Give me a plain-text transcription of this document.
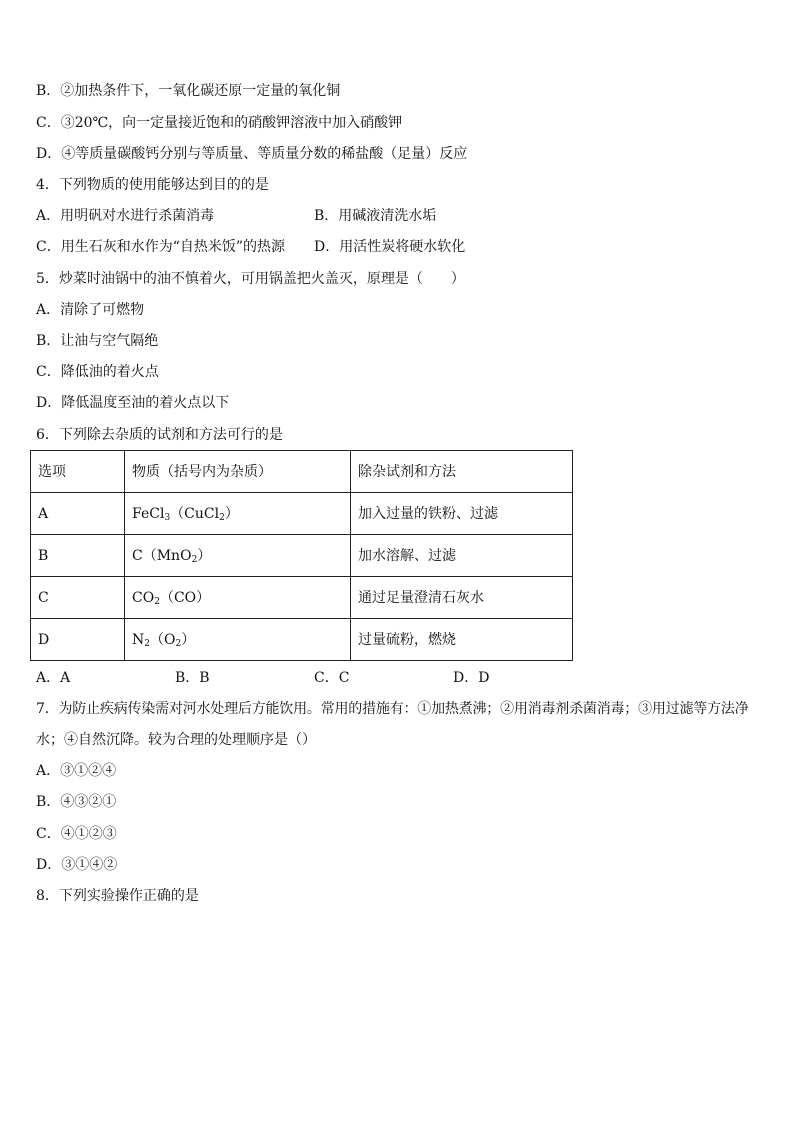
B．②加热条件下，一氧化碳还原一定量的氧化铜
C．③20℃，向一定量接近饱和的硝酸钾溶液中加入硝酸钾
D．④等质量碳酸钙分别与等质量、等质量分数的稀盐酸（足量）反应
4．下列物质的使用能够达到目的的是
A．用明矾对水进行杀菌消毒	B．用碱液清洗水垢
C．用生石灰和水作为“自热米饭”的热源 D．用活性炭将硬水软化
5．炒菜时油锅中的油不慎着火，可用锅盖把火盖灭，原理是（　　）
A．清除了可燃物
B．让油与空气隔绝
C．降低油的着火点
D．降低温度至油的着火点以下
6．下列除去杂质的试剂和方法可行的是
选项	物质（括号内为杂质）	除杂试剂和方法
A	FeCl$_3$（CuCl$_2$）	加入过量的铁粉、过滤
B	C（MnO$_2$）	加水溶解、过滤
C	$CO_2(CO)$	通过足量澄清石灰水
D	$N_2(O_2)$	过量硫粉，燃烧
A．A	B．B	C．C	D．D
7．为防止疾病传染需对河水处理后方能饮用。常用的措施有：①加热煮沸；②用消毒剂杀菌消毒；③用过滤等方法净
水；④自然沉降。较为合理的处理顺序是（）
A．③①②④
B．④③②①
C．④①②③
D．③①④②
8．下列实验操作正确的是
